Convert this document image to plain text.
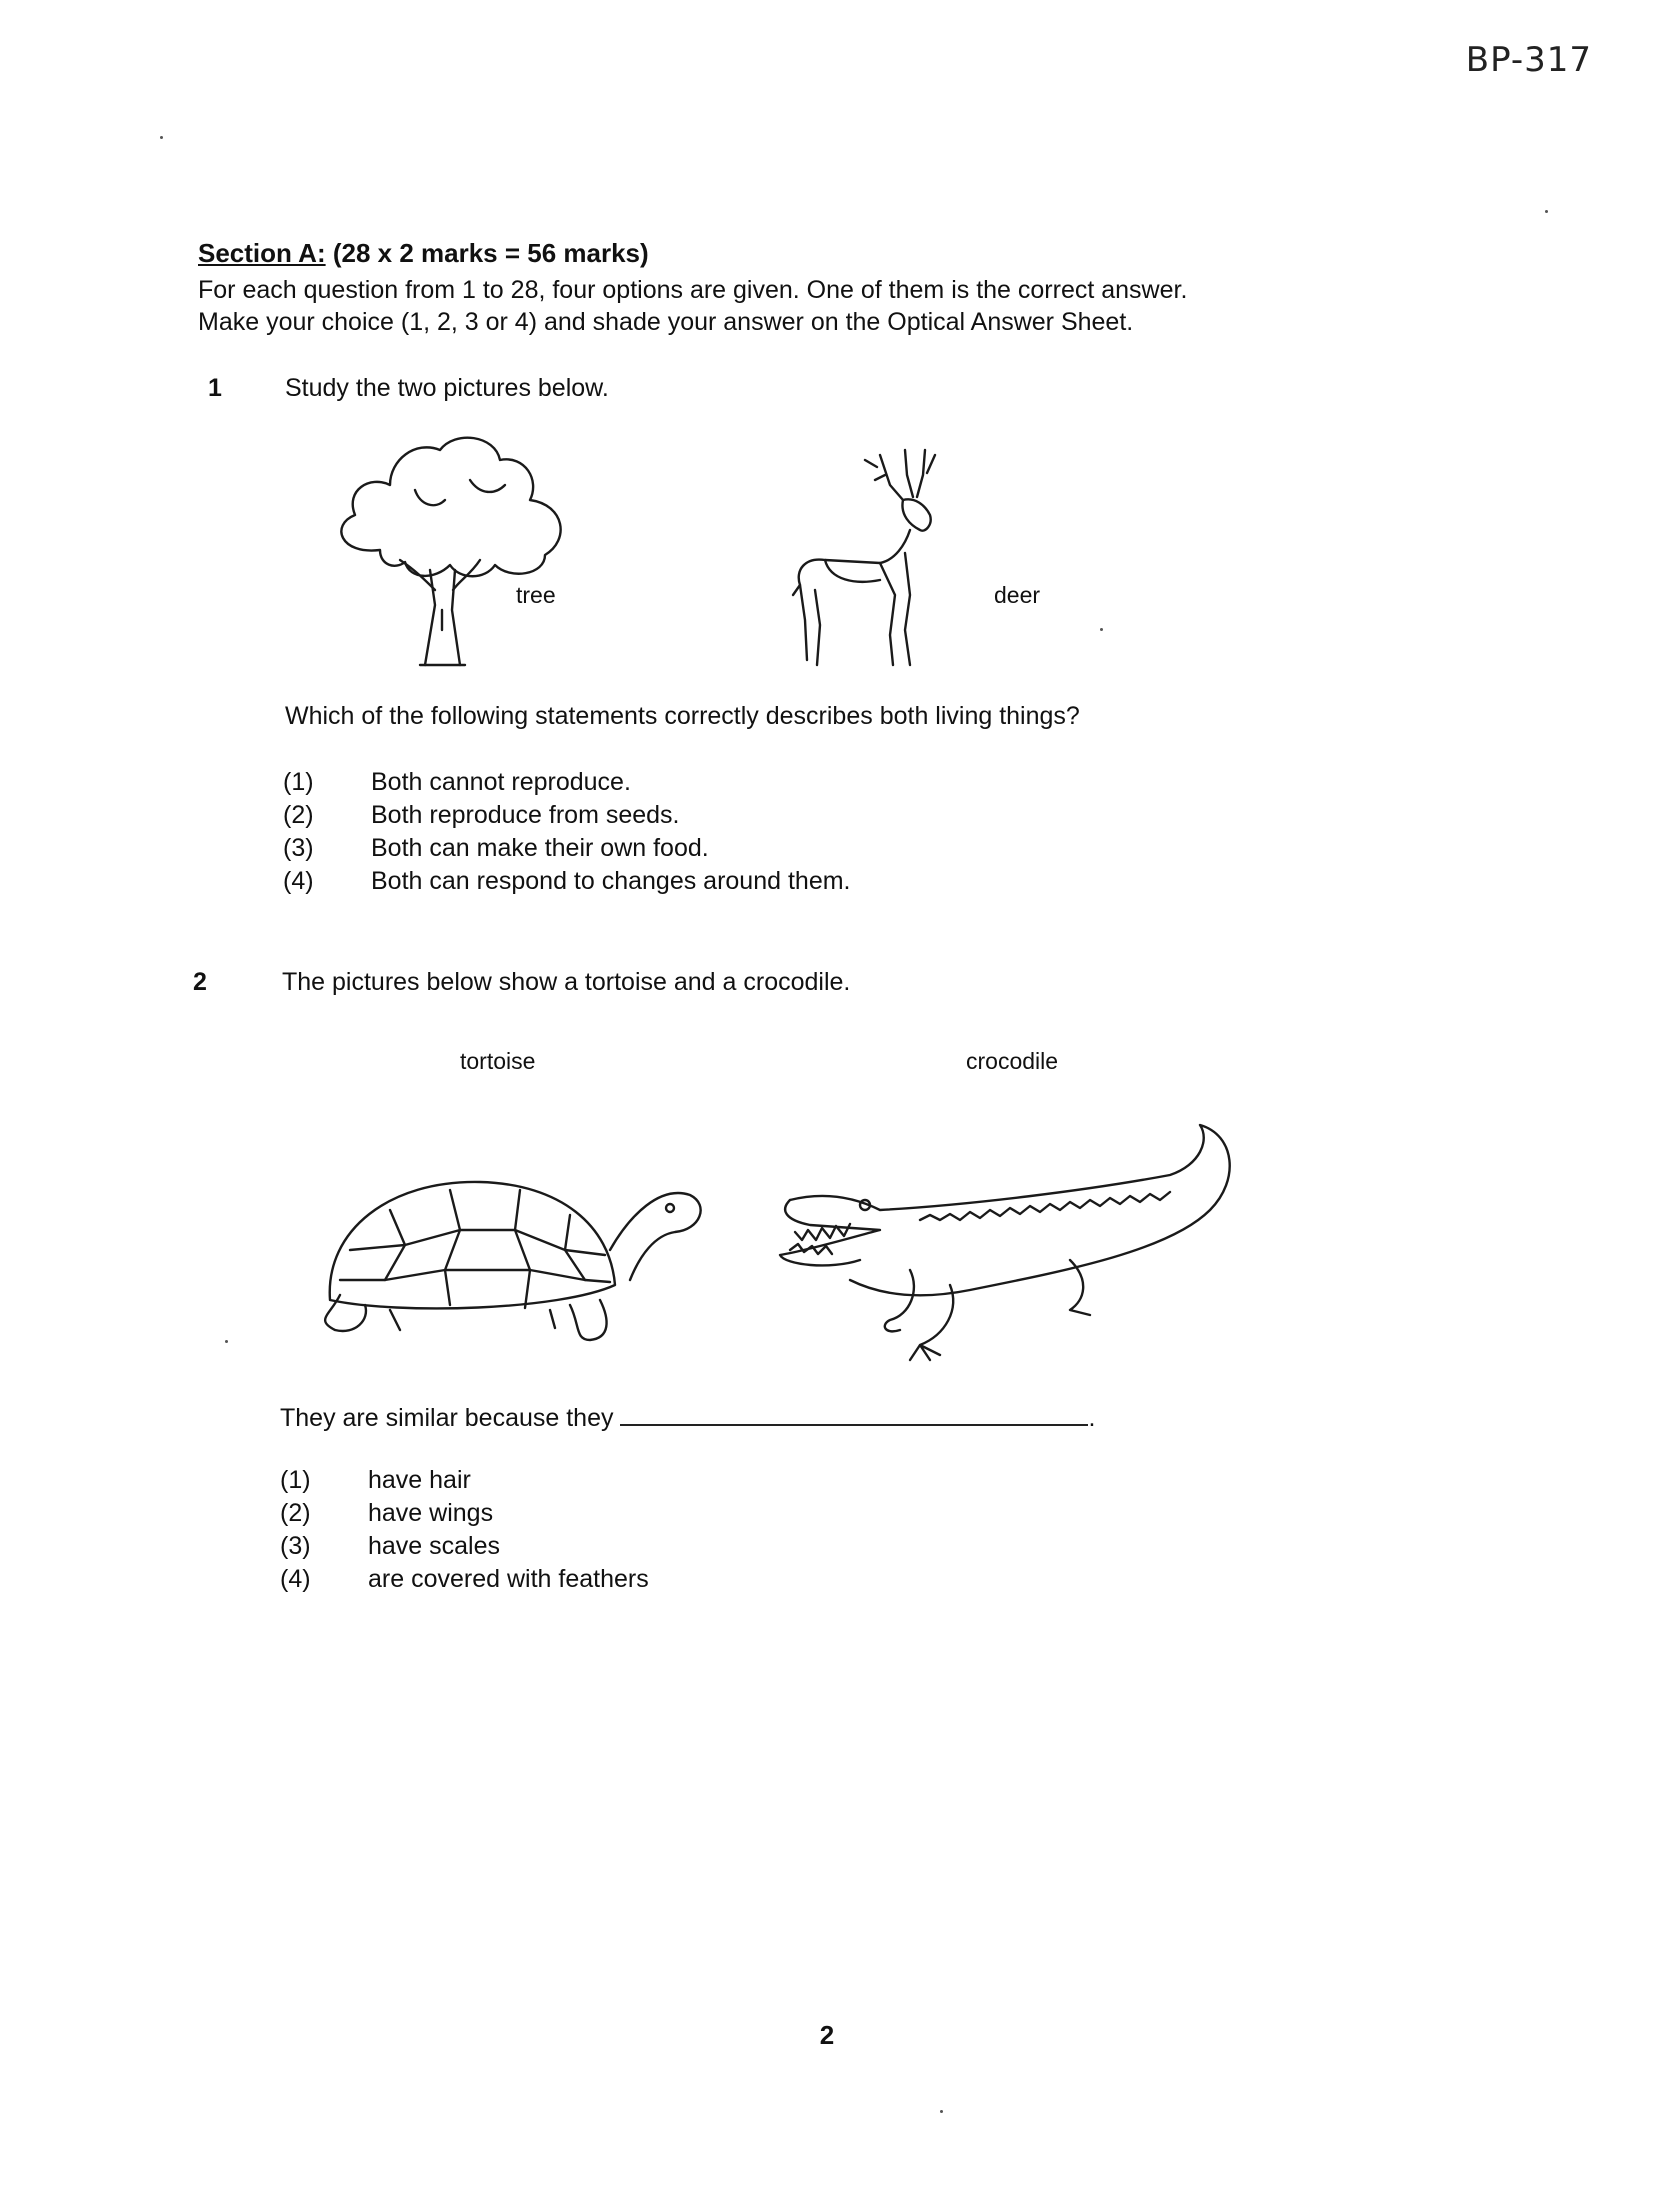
BP-317
Section A: (28 x 2 marks = 56 marks)
For each question from 1 to 28, four options are given. One of them is the correct answer.
Make your choice (1, 2, 3 or 4) and shade your answer on the Optical Answer Sheet.
1	Study the two pictures below.
tree	deer
Which of the following statements correctly describes both living things?
(1) Both cannot reproduce.
(2) Both reproduce from seeds.
(3) Both can make their own food.
(4) Both can respond to changes around them.
2	The pictures below show a tortoise and a crocodile.
tortoise	crocodile
They are similar because they	.
(1) have hair
(2) have wings
(3) have scales
(4) are covered with feathers
2
